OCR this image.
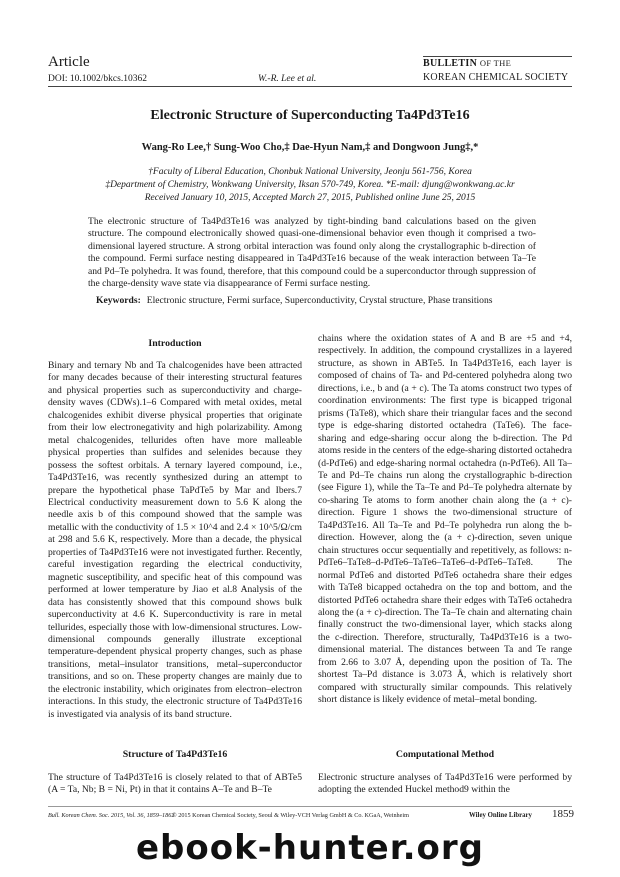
Article
DOI: 10.1002/bkcs.10362	W.-R. Lee et al.
BULLETIN OF THE
KOREAN CHEMICAL SOCIETY
Electronic Structure of Superconducting Ta4Pd3Te16
Wang-Ro Lee,† Sung-Woo Cho,‡ Dae-Hyun Nam,‡ and Dongwoon Jung‡,*
†Faculty of Liberal Education, Chonbuk National University, Jeonju 561-756, Korea
‡Department of Chemistry, Wonkwang University, Iksan 570-749, Korea. *E-mail: djung@wonkwang.ac.kr
Received January 10, 2015, Accepted March 27, 2015, Published online June 25, 2015
The electronic structure of Ta4Pd3Te16 was analyzed by tight-binding band calculations based on the given structure. The compound electronically showed quasi-one-dimensional behavior even though it comprised a two-dimensional layered structure. A strong orbital interaction was found only along the crystallographic b-direction of the compound. Fermi surface nesting disappeared in Ta4Pd3Te16 because of the weak interaction between Ta–Te and Pd–Te polyhedra. It was found, therefore, that this compound could be a superconductor through suppression of the charge-density wave state via disappearance of Fermi surface nesting.
Keywords: Electronic structure, Fermi surface, Superconductivity, Crystal structure, Phase transitions
Introduction
Binary and ternary Nb and Ta chalcogenides have been attracted for many decades because of their interesting structural features and physical properties such as superconductivity and charge-density waves (CDWs).1–6 Compared with metal oxides, metal chalcogenides exhibit diverse physical properties that originate from their low electronegativity and high polarizability. Among metal chalcogenides, tellurides often have more malleable physical properties than sulfides and selenides because they possess the softest orbitals. A ternary layered compound, i.e., Ta4Pd3Te16, was recently synthesized during an attempt to prepare the hypothetical phase TaPdTe5 by Mar and Ibers.7 Electrical conductivity measurement down to 5.6 K along the needle axis b of this compound showed that the sample was metallic with the conductivity of 1.5 × 10^4 and 2.4 × 10^5/Ω/cm at 298 and 5.6 K, respectively. More than a decade, the physical properties of Ta4Pd3Te16 were not investigated further. Recently, careful investigation regarding the electrical conductivity, magnetic susceptibility, and specific heat of this compound was performed at lower temperature by Jiao et al.8 Analysis of the data has consistently showed that this compound shows bulk superconductivity at 4.6 K. Superconductivity is rare in metal tellurides, especially those with low-dimensional structures. Low-dimensional compounds generally illustrate exceptional temperature-dependent physical property changes, such as phase transitions, metal–insulator transitions, metal–superconductor transitions, and so on. These property changes are mainly due to the electronic instability, which originates from electron–electron interactions. In this study, the electronic structure of Ta4Pd3Te16 is investigated via analysis of its band structure.
Structure of Ta4Pd3Te16
The structure of Ta4Pd3Te16 is closely related to that of ABTe5 (A = Ta, Nb; B = Ni, Pt) in that it contains A–Te and B–Te
chains where the oxidation states of A and B are +5 and +4, respectively. In addition, the compound crystallizes in a layered structure, as shown in ABTe5. In Ta4Pd3Te16, each layer is composed of chains of Ta- and Pd-centered polyhedra along two directions, i.e., b and (a + c). The Ta atoms construct two types of coordination environments: The first type is bicapped trigonal prisms (TaTe8), which share their triangular faces and the second type is edge-sharing distorted octahedra (TaTe6). The face-sharing and edge-sharing occur along the b-direction. The Pd atoms reside in the centers of the edge-sharing distorted octahedra (d-PdTe6) and edge-sharing normal octahedra (n-PdTe6). All Ta–Te and Pd–Te chains run along the crystallographic b-direction (see Figure 1), while the Ta–Te and Pd–Te polyhedra alternate by co-sharing Te atoms to form another chain along the (a + c)-direction. Figure 1 shows the two-dimensional structure of Ta4Pd3Te16. All Ta–Te and Pd–Te polyhedra run along the b-direction. However, along the (a + c)-direction, seven unique chain structures occur sequentially and repetitively, as follows: n-PdTe6–TaTe8–d-PdTe6–TaTe6–TaTe6–d-PdTe6–TaTe8. The normal PdTe6 and distorted PdTe6 octahedra share their edges with TaTe8 bicapped octahedra on the top and bottom, and the distorted PdTe6 octahedra share their edges with TaTe6 octahedra along the (a + c)-direction. The Ta–Te chain and alternating chain finally construct the two-dimensional layer, which stacks along the c-direction. Therefore, structurally, Ta4Pd3Te16 is a two-dimensional material. The distances between Ta and Te range from 2.66 to 3.07 Å, depending upon the position of Ta. The shortest Ta–Pd distance is 3.073 Å, which is relatively short compared with structurally similar compounds. This relatively short distance is likely evidence of metal–metal bonding.
Computational Method
Electronic structure analyses of Ta4Pd3Te16 were performed by adopting the extended Huckel method9 within the
Bull. Korean Chem. Soc. 2015, Vol. 36, 1859–1862
© 2015 Korean Chemical Society, Seoul & Wiley-VCH Verlag GmbH & Co. KGaA, Weinheim	Wiley Online Library 1859
ebook-hunter.org
